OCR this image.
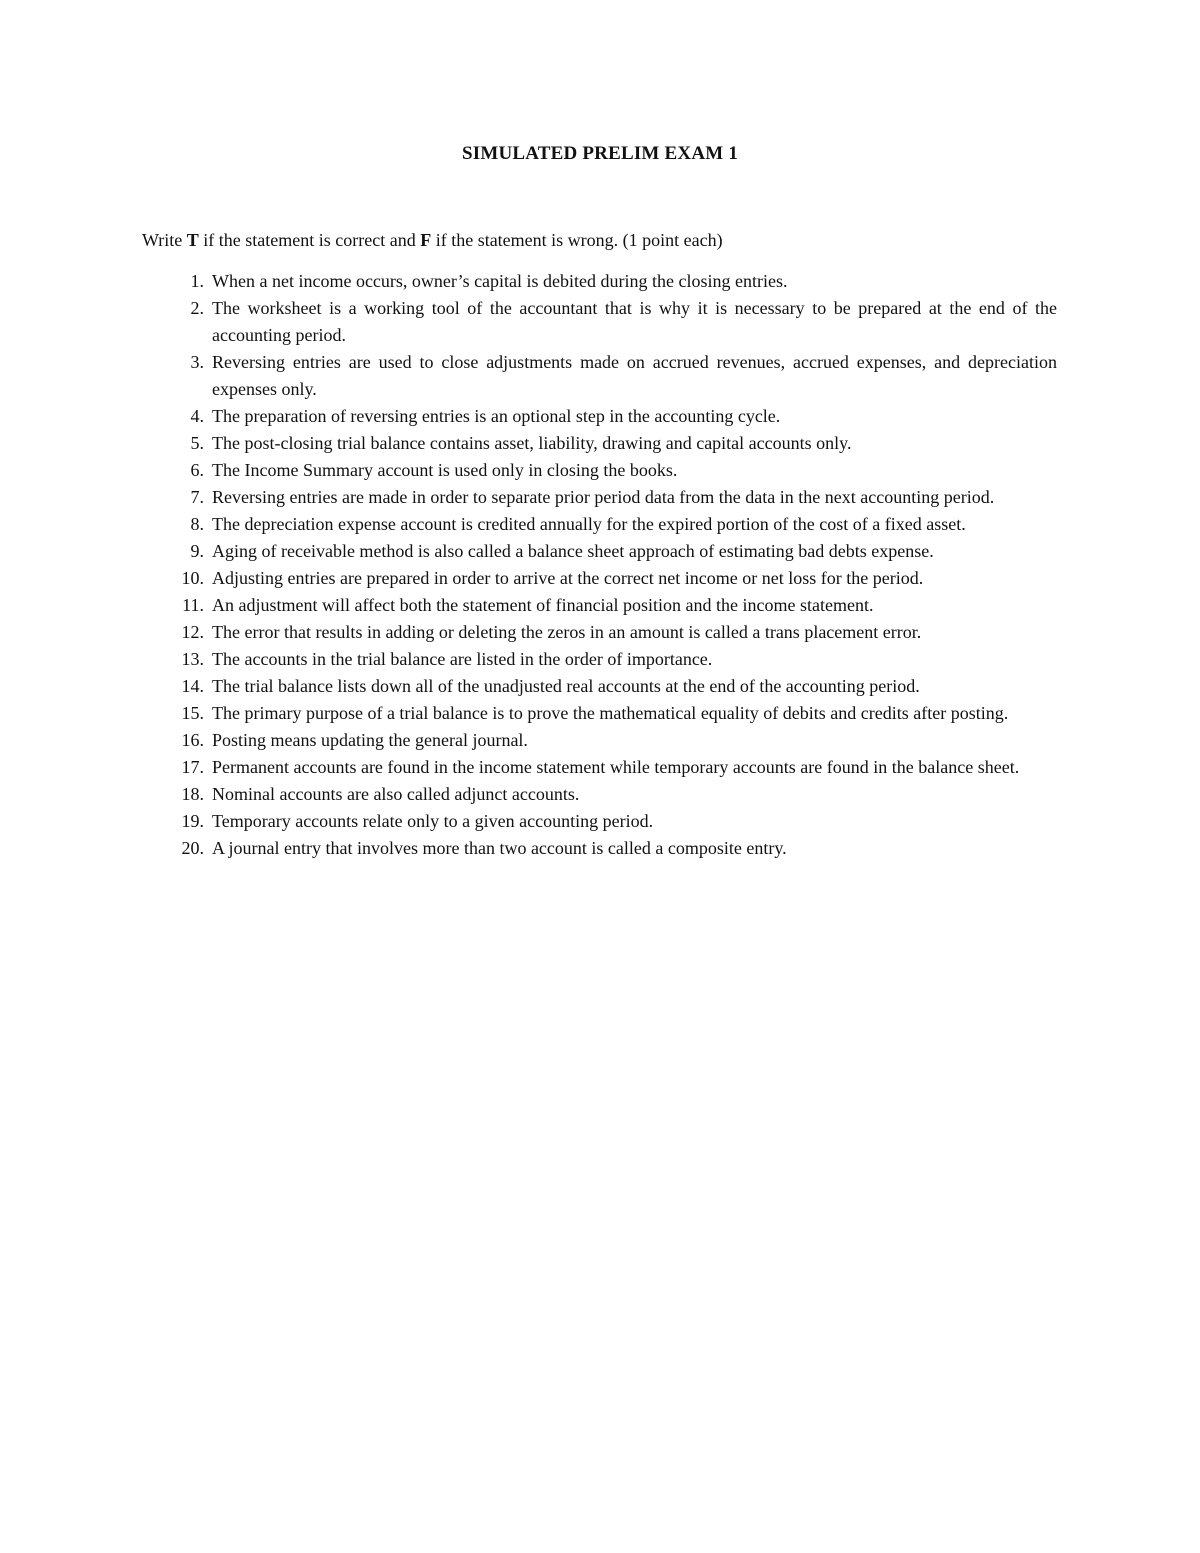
SIMULATED PRELIM EXAM 1
Write T if the statement is correct and F if the statement is wrong. (1 point each)
1. When a net income occurs, owner’s capital is debited during the closing entries.
2. The worksheet is a working tool of the accountant that is why it is necessary to be prepared at the end of the accounting period.
3. Reversing entries are used to close adjustments made on accrued revenues, accrued expenses, and depreciation expenses only.
4. The preparation of reversing entries is an optional step in the accounting cycle.
5. The post-closing trial balance contains asset, liability, drawing and capital accounts only.
6. The Income Summary account is used only in closing the books.
7. Reversing entries are made in order to separate prior period data from the data in the next accounting period.
8. The depreciation expense account is credited annually for the expired portion of the cost of a fixed asset.
9. Aging of receivable method is also called a balance sheet approach of estimating bad debts expense.
10. Adjusting entries are prepared in order to arrive at the correct net income or net loss for the period.
11. An adjustment will affect both the statement of financial position and the income statement.
12. The error that results in adding or deleting the zeros in an amount is called a trans placement error.
13. The accounts in the trial balance are listed in the order of importance.
14. The trial balance lists down all of the unadjusted real accounts at the end of the accounting period.
15. The primary purpose of a trial balance is to prove the mathematical equality of debits and credits after posting.
16. Posting means updating the general journal.
17. Permanent accounts are found in the income statement while temporary accounts are found in the balance sheet.
18. Nominal accounts are also called adjunct accounts.
19. Temporary accounts relate only to a given accounting period.
20. A journal entry that involves more than two account is called a composite entry.
